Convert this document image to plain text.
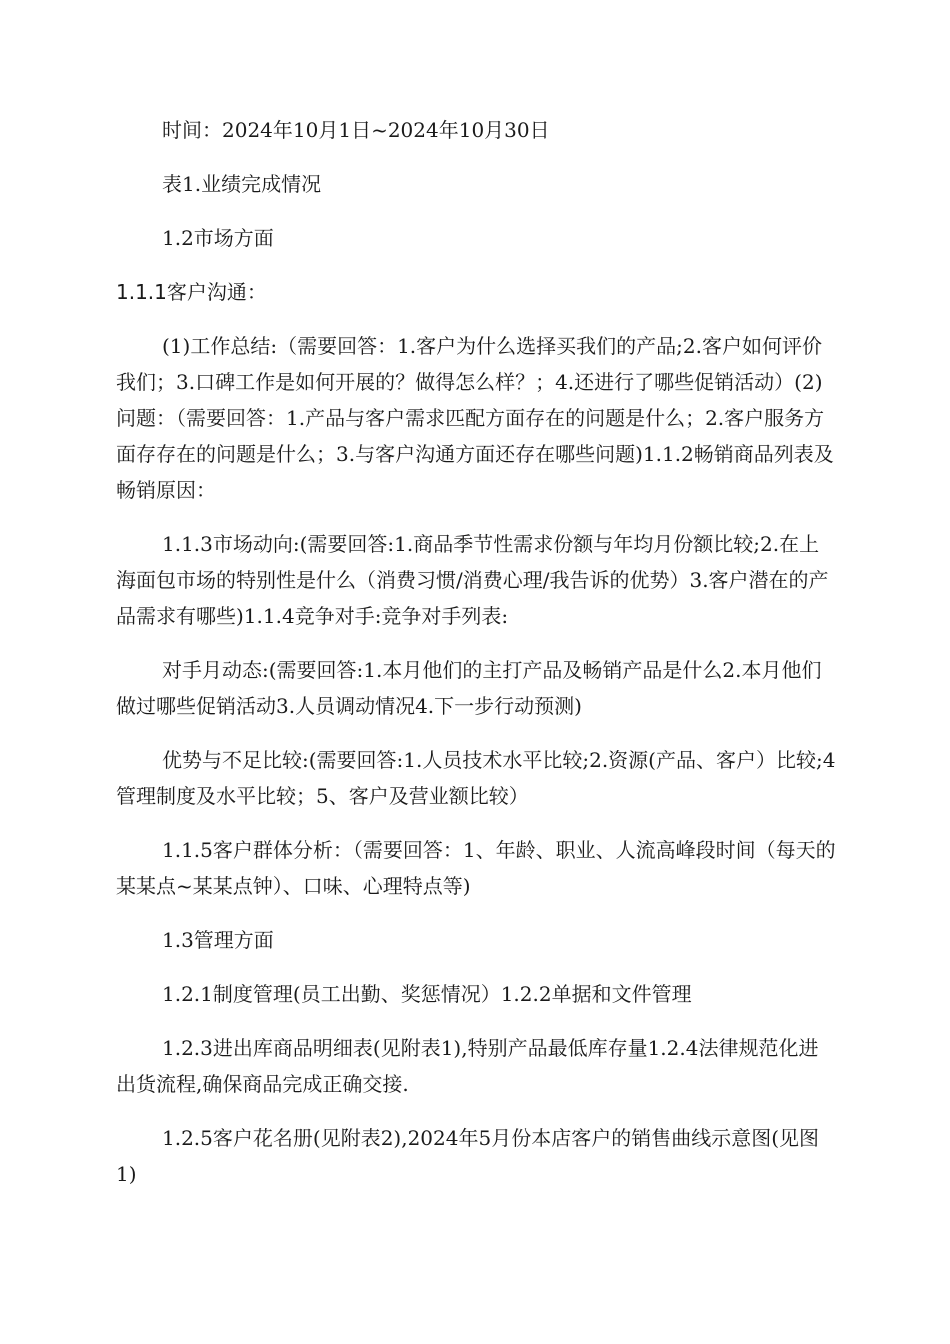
时间：2024年10月1日~2024年10月30日

表1.业绩完成情况

1.2市场方面

1.1.1客户沟通：

(1)工作总结:（需要回答：1.客户为什么选择买我们的产品;2.客户如何评价我们；3.口碑工作是如何开展的？做得怎么样？；4.还进行了哪些促销活动）(2)问题：（需要回答：1.产品与客户需求匹配方面存在的问题是什么；2.客户服务方面存存在的问题是什么；3.与客户沟通方面还存在哪些问题)1.1.2畅销商品列表及畅销原因：

1.1.3市场动向:(需要回答:1.商品季节性需求份额与年均月份额比较;2.在上海面包市场的特别性是什么（消费习惯/消费心理/我告诉的优势）3.客户潜在的产品需求有哪些)1.1.4竞争对手:竞争对手列表:

对手月动态:(需要回答:1.本月他们的主打产品及畅销产品是什么2.本月他们做过哪些促销活动3.人员调动情况4.下一步行动预测)

优势与不足比较:(需要回答:1.人员技术水平比较;2.资源(产品、客户）比较;4管理制度及水平比较；5、客户及营业额比较）

1.1.5客户群体分析：（需要回答：1、年龄、职业、人流高峰段时间（每天的某某点~某某点钟）、口味、心理特点等)

1.3管理方面

1.2.1制度管理(员工出勤、奖惩情况）1.2.2单据和文件管理

1.2.3进出库商品明细表(见附表1),特别产品最低库存量1.2.4法律规范化进出货流程,确保商品完成正确交接.

1.2.5客户花名册(见附表2),2024年5月份本店客户的销售曲线示意图(见图1)
